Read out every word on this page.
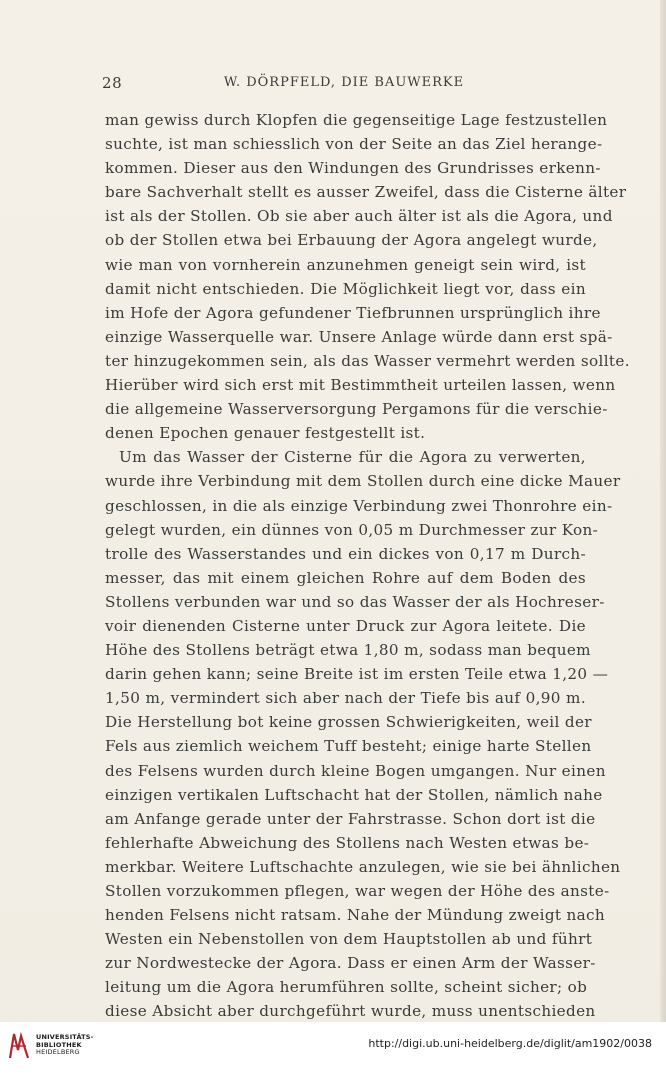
28	W. DÖRPFELD, DIE BAUWERKE
man gewiss durch Klopfen die gegenseitige Lage festzustellen
suchte, ist man schiesslich von der Seite an das Ziel herange-
kommen. Dieser aus den Windungen des Grundrisses erkenn-
bare Sachverhalt stellt es ausser Zweifel, dass die Cisterne älter
ist als der Stollen. Ob sie aber auch älter ist als die Agora, und
ob der Stollen etwa bei Erbauung der Agora angelegt wurde,
wie man von vornherein anzunehmen geneigt sein wird, ist
damit nicht entschieden. Die Möglichkeit liegt vor, dass ein
im Hofe der Agora gefundener Tiefbrunnen ursprünglich ihre
einzige Wasserquelle war. Unsere Anlage würde dann erst spä-
ter hinzugekommen sein, als das Wasser vermehrt werden sollte.
Hierüber wird sich erst mit Bestimmtheit urteilen lassen, wenn
die allgemeine Wasserversorgung Pergamons für die verschie-
denen Epochen genauer festgestellt ist.
Um das Wasser der Cisterne für die Agora zu verwerten,
wurde ihre Verbindung mit dem Stollen durch eine dicke Mauer
geschlossen, in die als einzige Verbindung zwei Thonrohre ein-
gelegt wurden, ein dünnes von 0,05 m Durchmesser zur Kon-
trolle des Wasserstandes und ein dickes von 0,17 m Durch-
messer, das mit einem gleichen Rohre auf dem Boden des
Stollens verbunden war und so das Wasser der als Hochreser-
voir dienenden Cisterne unter Druck zur Agora leitete. Die
Höhe des Stollens beträgt etwa 1,80 m, sodass man bequem
darin gehen kann; seine Breite ist im ersten Teile etwa 1,20 —
1,50 m, vermindert sich aber nach der Tiefe bis auf 0,90 m.
Die Herstellung bot keine grossen Schwierigkeiten, weil der
Fels aus ziemlich weichem Tuff besteht; einige harte Stellen
des Felsens wurden durch kleine Bogen umgangen. Nur einen
einzigen vertikalen Luftschacht hat der Stollen, nämlich nahe
am Anfange gerade unter der Fahrstrasse. Schon dort ist die
fehlerhafte Abweichung des Stollens nach Westen etwas be-
merkbar. Weitere Luftschachte anzulegen, wie sie bei ähnlichen
Stollen vorzukommen pflegen, war wegen der Höhe des anste-
henden Felsens nicht ratsam. Nahe der Mündung zweigt nach
Westen ein Nebenstollen von dem Hauptstollen ab und führt
zur Nordwestecke der Agora. Dass er einen Arm der Wasser-
leitung um die Agora herumführen sollte, scheint sicher; ob
diese Absicht aber durchgeführt wurde, muss unentschieden
UNIVERSITÄTS-
BIBLIOTHEK
HEIDELBERG
http://digi.ub.uni-heidelberg.de/diglit/am1902/0038
